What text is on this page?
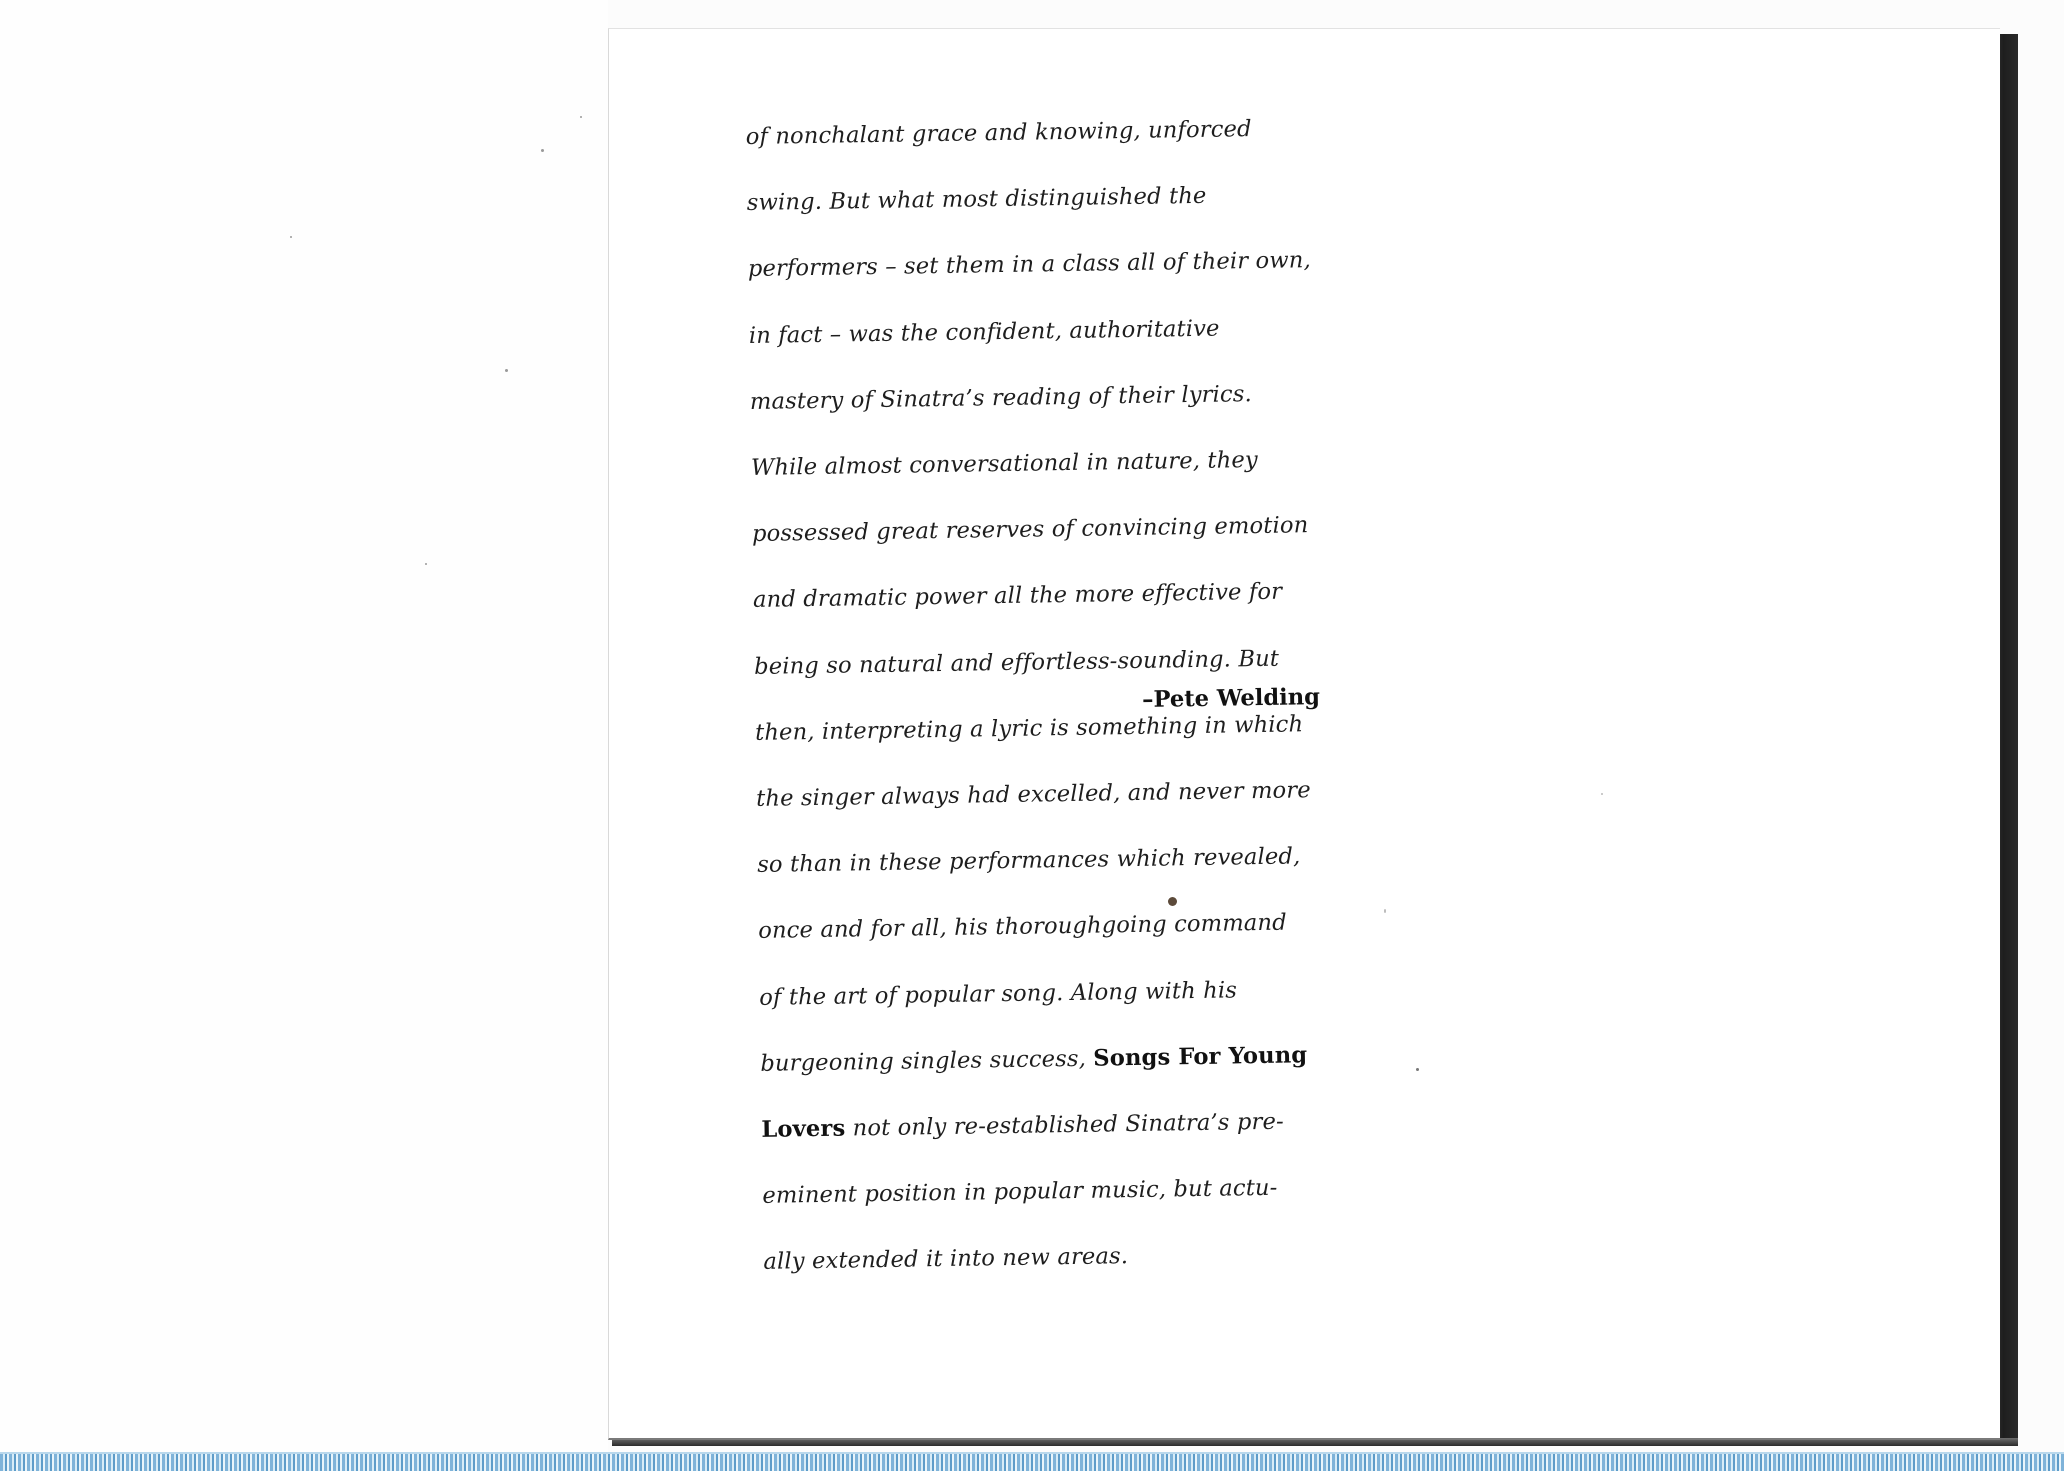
of nonchalant grace and knowing, unforced

swing. But what most distinguished the

performers – set them in a class all of their own,

in fact – was the confident, authoritative

mastery of Sinatra’s reading of their lyrics.

While almost conversational in nature, they

possessed great reserves of convincing emotion

and dramatic power all the more effective for

being so natural and effortless-sounding. But

then, interpreting a lyric is something in which

the singer always had excelled, and never more

so than in these performances which revealed,

once and for all, his thoroughgoing command

of the art of popular song. Along with his

burgeoning singles success, Songs For Young

Lovers not only re-established Sinatra’s pre-

eminent position in popular music, but actu-

ally extended it into new areas.

–Pete Welding
